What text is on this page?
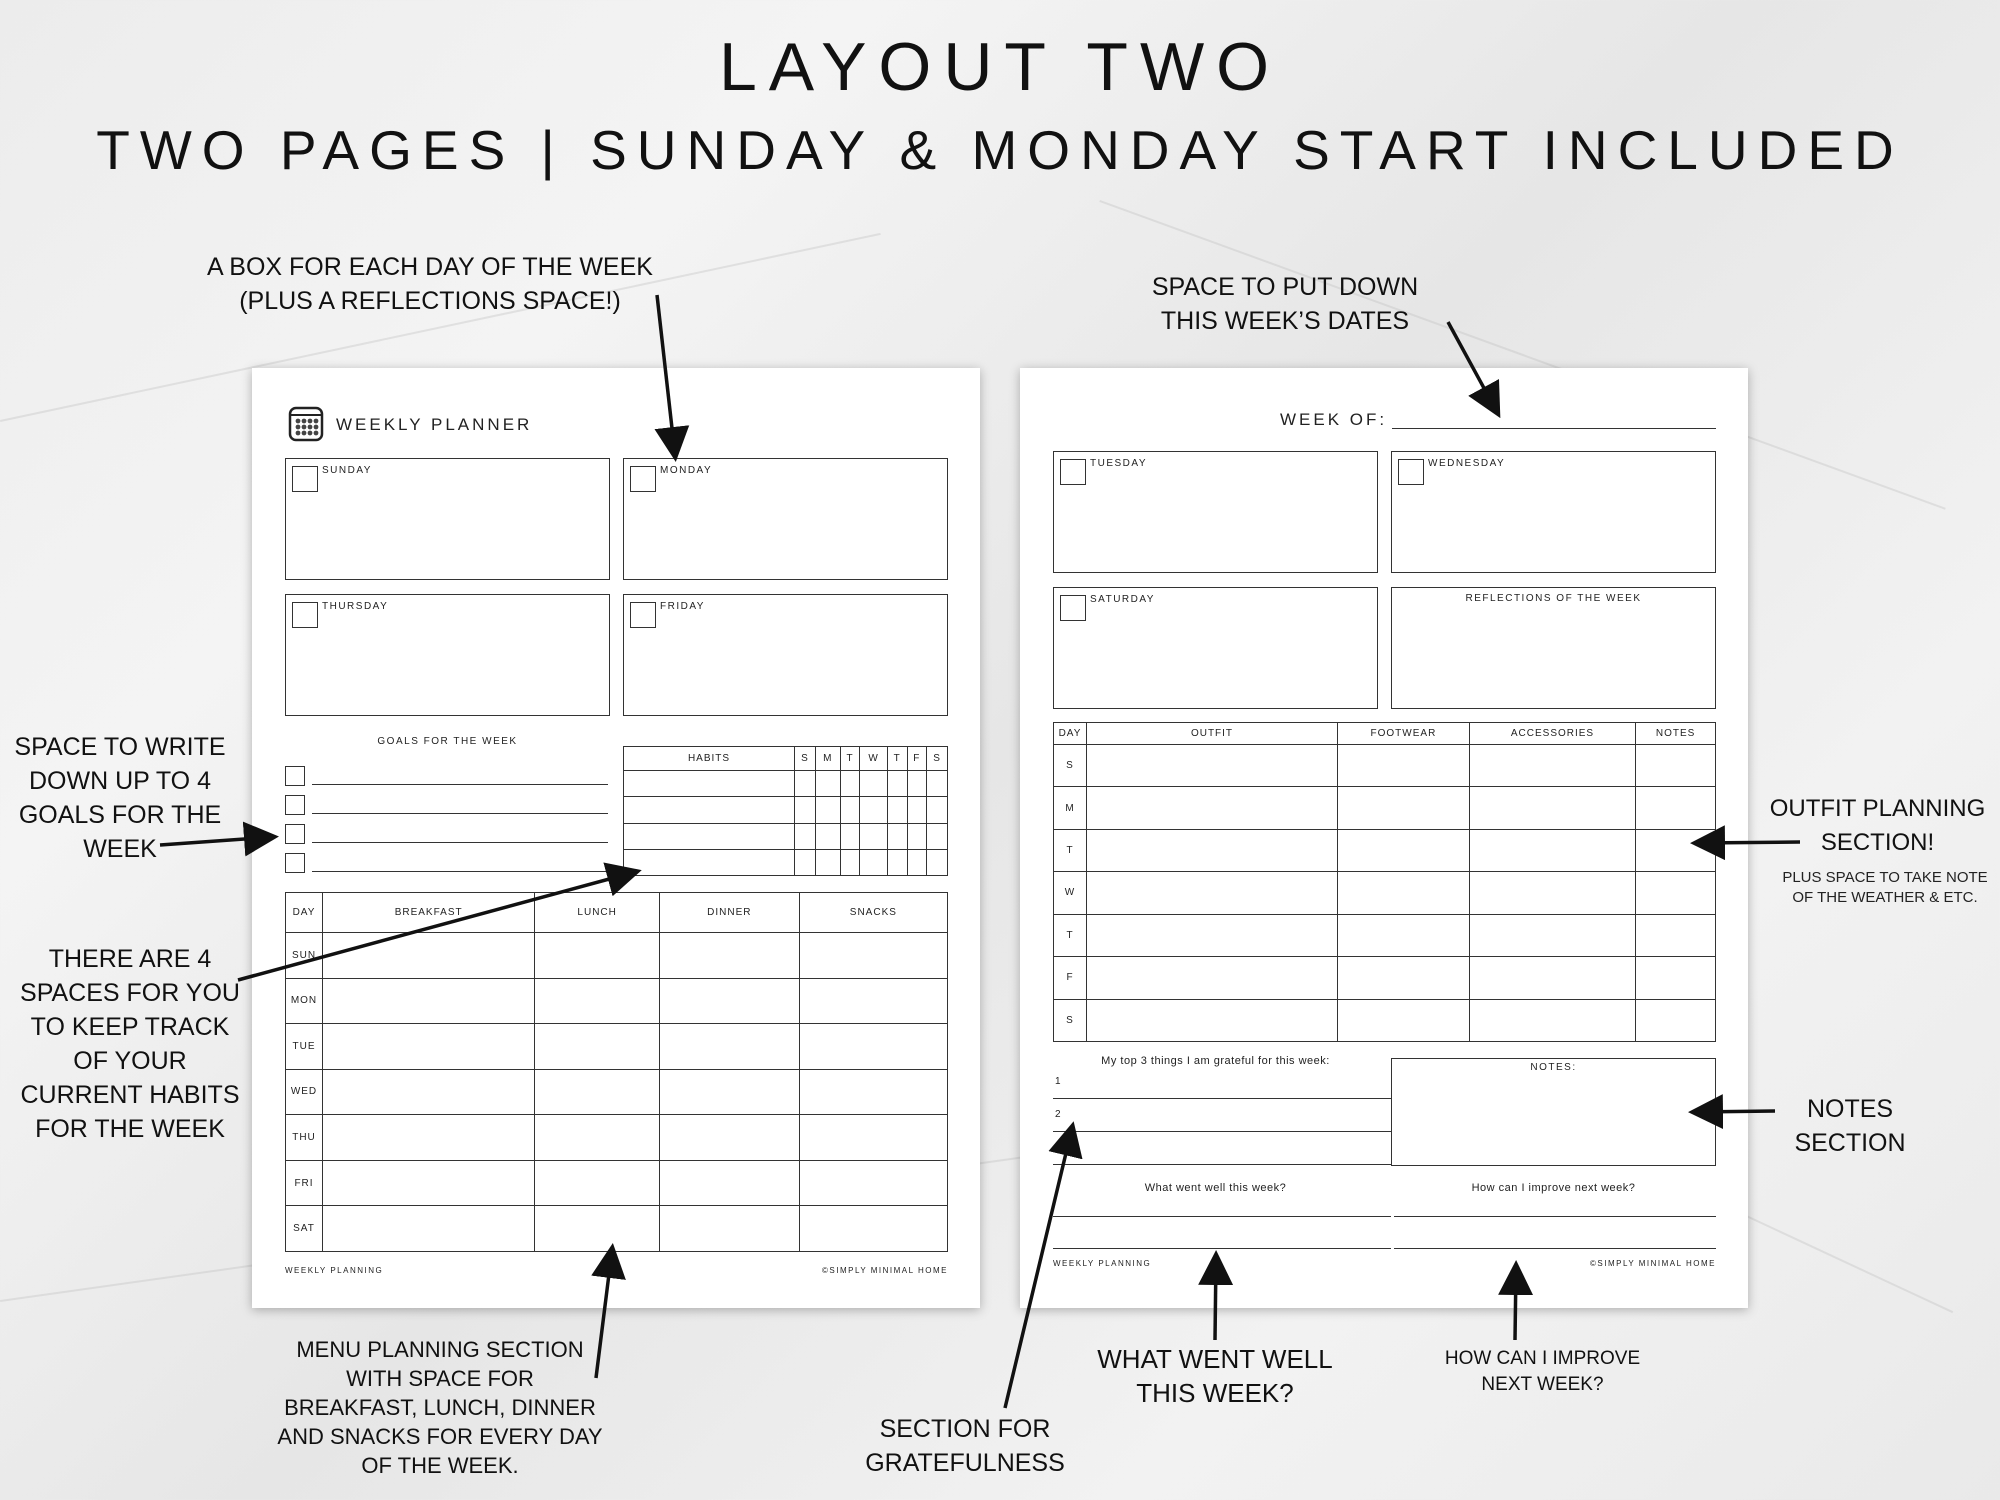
LAYOUT TWO
TWO PAGES | SUNDAY & MONDAY START INCLUDED
WEEKLY PLANNER
SUNDAY	MONDAY
THURSDAY	FRIDAY
GOALS FOR THE WEEK
HABITS	S	M	T	W	T	F	S

DAY	BREAKFAST	LUNCH	DINNER	SNACKS
SUN				
MON				
TUE				
WED				
THU				
FRI				
SAT				
WEEKLY PLANNING	©SIMPLY MINIMAL HOME
WEEK OF:
TUESDAY	WEDNESDAY
SATURDAY	REFLECTIONS OF THE WEEK
DAY	OUTFIT	FOOTWEAR	ACCESSORIES	NOTES
S				
M				
T				
W				
T				
F				
S				
My top 3 things I am grateful for this week:
1
2
3
NOTES:
What went well this week?	How can I improve next week?
WEEKLY PLANNING	©SIMPLY MINIMAL HOME
A BOX FOR EACH DAY OF THE WEEK
(PLUS A REFLECTIONS SPACE!)	SPACE TO PUT DOWN
THIS WEEK’S DATES
SPACE TO WRITE
DOWN UP TO 4
GOALS FOR THE
WEEK
THERE ARE 4
SPACES FOR YOU
TO KEEP TRACK
OF YOUR
CURRENT HABITS
FOR THE WEEK
MENU PLANNING SECTION
WITH SPACE FOR
BREAKFAST, LUNCH, DINNER
AND SNACKS FOR EVERY DAY
OF THE WEEK.
SECTION FOR
GRATEFULNESS
WHAT WENT WELL
THIS WEEK?
HOW CAN I IMPROVE
NEXT WEEK?
OUTFIT PLANNING
SECTION!
PLUS SPACE TO TAKE NOTE
OF THE WEATHER & ETC.
NOTES
SECTION
